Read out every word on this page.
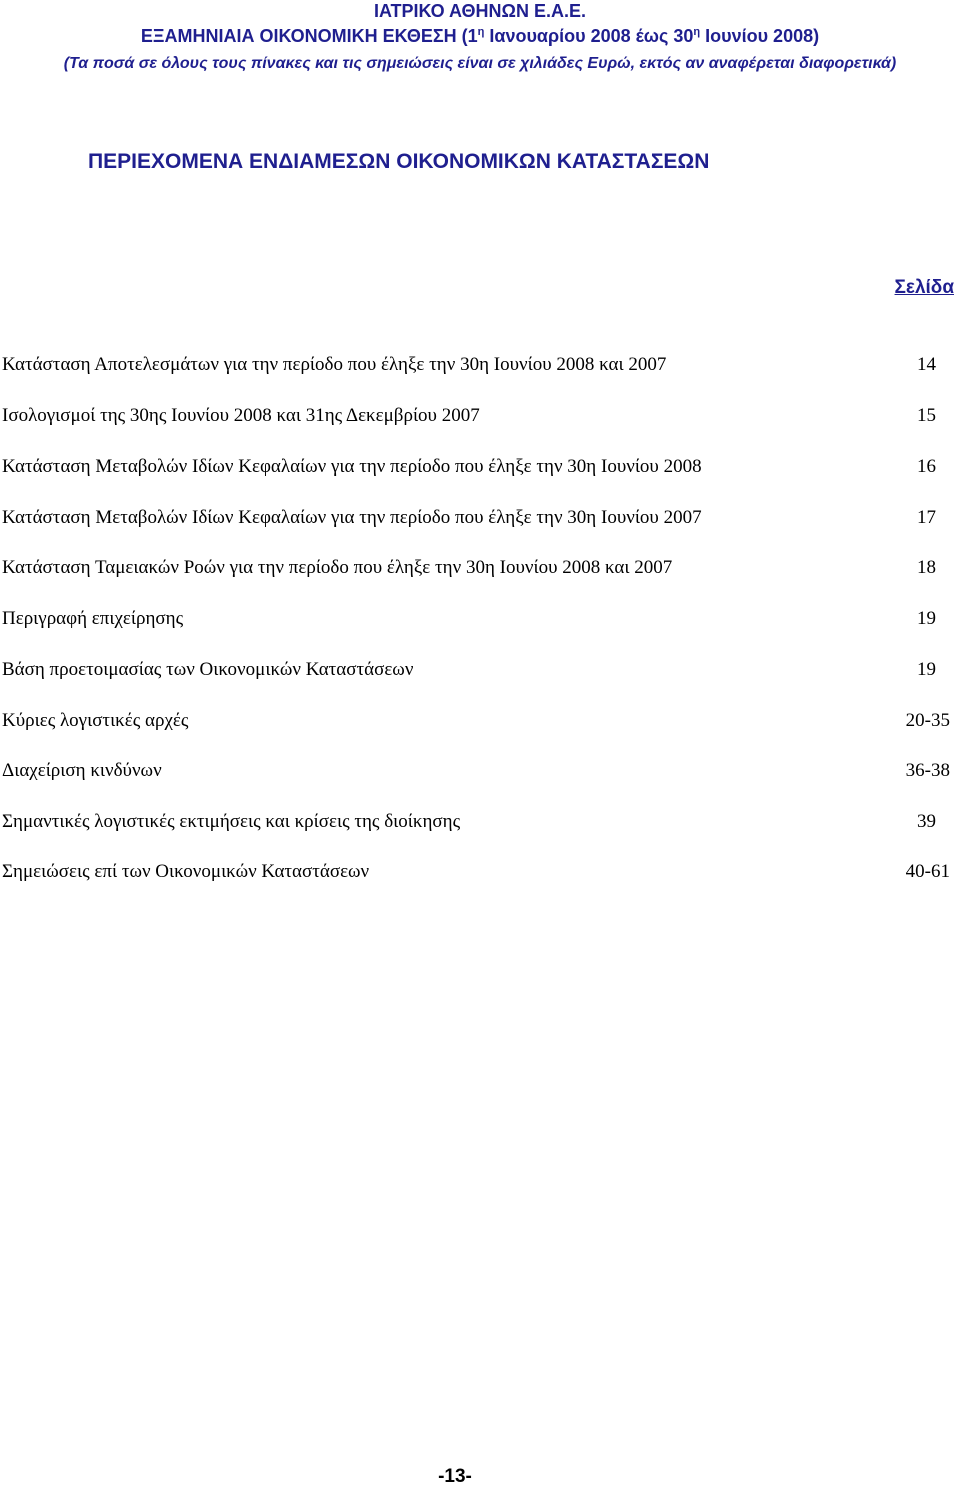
ΙΑΤΡΙΚΟ ΑΘΗΝΩΝ Ε.Α.Ε.
ΕΞΑΜΗΝΙΑΙΑ ΟΙΚΟΝΟΜΙΚΗ ΕΚΘΕΣΗ ($1^\eta$ Ιανουαρίου 2008 έως $30^\eta$ Ιουνίου 2008)
(Τα ποσά σε όλους τους πίνακες και τις σημειώσεις είναι σε χιλιάδες Ευρώ, εκτός αν αναφέρεται διαφορετικά)
ΠΕΡΙΕΧΟΜΕΝΑ ΕΝΔΙΑΜΕΣΩΝ ΟΙΚΟΝΟΜΙΚΩΝ ΚΑΤΑΣΤΑΣΕΩΝ
Σελίδα
Κατάσταση Αποτελεσμάτων για την περίοδο που έληξε την 30η Ιουνίου 2008 και 2007	14
Ισολογισμοί της 30ης Ιουνίου 2008 και 31ης Δεκεμβρίου 2007	15
Κατάσταση Μεταβολών Ιδίων Κεφαλαίων για την περίοδο που έληξε την 30η Ιουνίου 2008	16
Κατάσταση Μεταβολών Ιδίων Κεφαλαίων για την περίοδο που έληξε την 30η Ιουνίου 2007	17
Κατάσταση Ταμειακών Ροών για την περίοδο που έληξε την 30η Ιουνίου 2008 και 2007	18
Περιγραφή επιχείρησης	19
Βάση προετοιμασίας των Οικονομικών Καταστάσεων	19
Κύριες λογιστικές αρχές	20-35
Διαχείριση κινδύνων	36-38
Σημαντικές λογιστικές εκτιμήσεις και κρίσεις της διοίκησης	39
Σημειώσεις επί των Οικονομικών Καταστάσεων	40-61
-13-
